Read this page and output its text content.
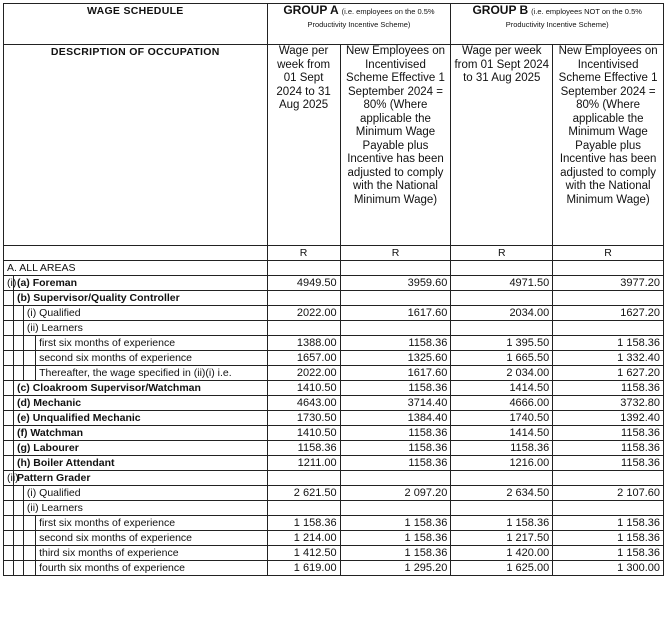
WAGE SCHEDULE				GROUP A (i.e. employees on the 0.5% Productivity Incentive Scheme)		GROUP B (i.e. employees NOT on the 0.5% Productivity Incentive Scheme)	
DESCRIPTION OF OCCUPATION				Wage per week from 01 Sept 2024 to 31 Aug 2025	New Employees on Incentivised Scheme Effective 1 September 2024 = 80% (Where applicable the Minimum Wage Payable plus Incentive has been adjusted to comply with the National Minimum Wage)	Wage per week from 01 Sept 2024 to 31 Aug 2025	New Employees on Incentivised Scheme Effective 1 September 2024 = 80% (Where applicable the Minimum Wage Payable plus Incentive has been adjusted to comply with the National Minimum Wage)
				R	R	R	R
A. ALL AREAS							
(i)	(a) Foreman			4949.50	3959.60	4971.50	3977.20
	(b) Supervisor/Quality Controller						
		(i) Qualified		2022.00	1617.60	2034.00	1627.20
		(ii) Learners					
			first six months of experience	1388.00	1158.36	1 395.50	1 158.36
			second six months of experience	1657.00	1325.60	1 665.50	1 332.40
			Thereafter, the wage specified in (ii)(i) i.e.	2022.00	1617.60	2 034.00	1 627.20
	(c) Cloakroom Supervisor/Watchman			1410.50	1158.36	1414.50	1158.36
	(d) Mechanic			4643.00	3714.40	4666.00	3732.80
	(e) Unqualified Mechanic			1730.50	1384.40	1740.50	1392.40
	(f) Watchman			1410.50	1158.36	1414.50	1158.36
	(g) Labourer			1158.36	1158.36	1158.36	1158.36
	(h) Boiler Attendant			1211.00	1158.36	1216.00	1158.36
(ii)	Pattern Grader						
		(i) Qualified		2 621.50	2 097.20	2 634.50	2 107.60
		(ii) Learners					
			first six months of experience	1 158.36	1 158.36	1 158.36	1 158.36
			second six months of experience	1 214.00	1 158.36	1 217.50	1 158.36
			third six months of experience	1 412.50	1 158.36	1 420.00	1 158.36
			fourth six months of experience	1 619.00	1 295.20	1 625.00	1 300.00
